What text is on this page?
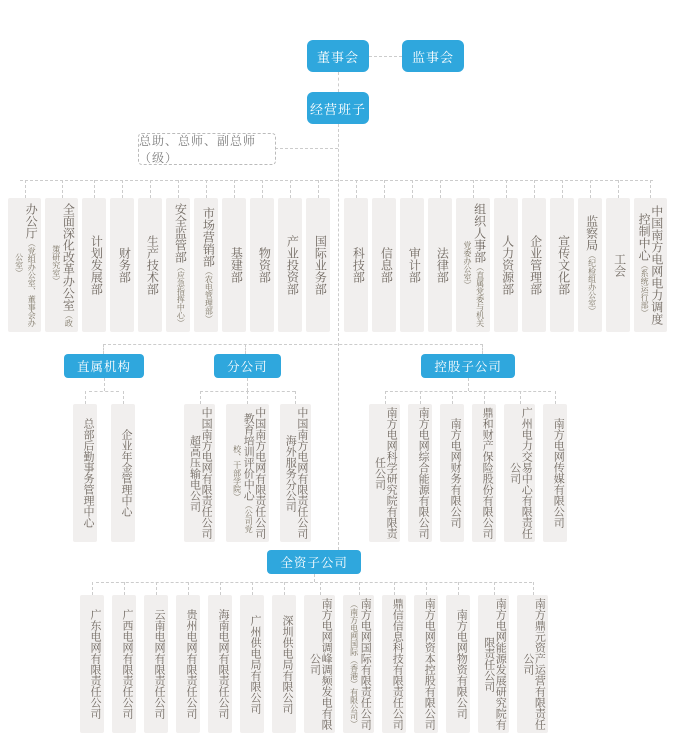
董事会	监事会
经营班子
总助、总师、副总师（级）
办公厅（党组办公室、董事会办公室）	全面深化改革办公室（政策研究室）	计划发展部	财务部	生产技术部
安全监管部（应急指挥中心）
市场营销部（农电管理部）
基建部	物资部	产业投资部	国际业务部	科技部	信息部	审计部	法律部
组织人事部（直属党委与机关党委办公室）	人力资源部	企业管理部	宣传文化部
监察局（纪检组办公室）	工会	中国南方电网电力调度控制中心（系统运行部）
直属机构
总部后勤事务管理中心	企业年金管理中心
分公司
中国南方电网有限责任公司超高压输电公司	中国南方电网有限责任公司教育培训评价中心（公司党校、干部学院）	中国南方电网有限责任公司海外服务分公司
控股子公司
南方电网科学研究院有限责任公司	南方电网综合能源有限公司	南方电网财务有限公司	鼎和财产保险股份有限公司	广州电力交易中心有限责任公司	南方电网传媒有限公司
全资子公司
广东电网有限责任公司	广西电网有限责任公司	云南电网有限责任公司	贵州电网有限责任公司	海南电网有限责任公司	广州供电局有限公司	深圳供电局有限公司	南方电网调峰调频发电有限公司	南方电网国际有限责任公司（南方电网国际（香港）有限公司）	鼎信信息科技有限责任公司	南方电网资本控股有限公司	南方电网物资有限公司	南方电网能源发展研究院有限责任公司	南方鼎元资产运营有限责任公司
